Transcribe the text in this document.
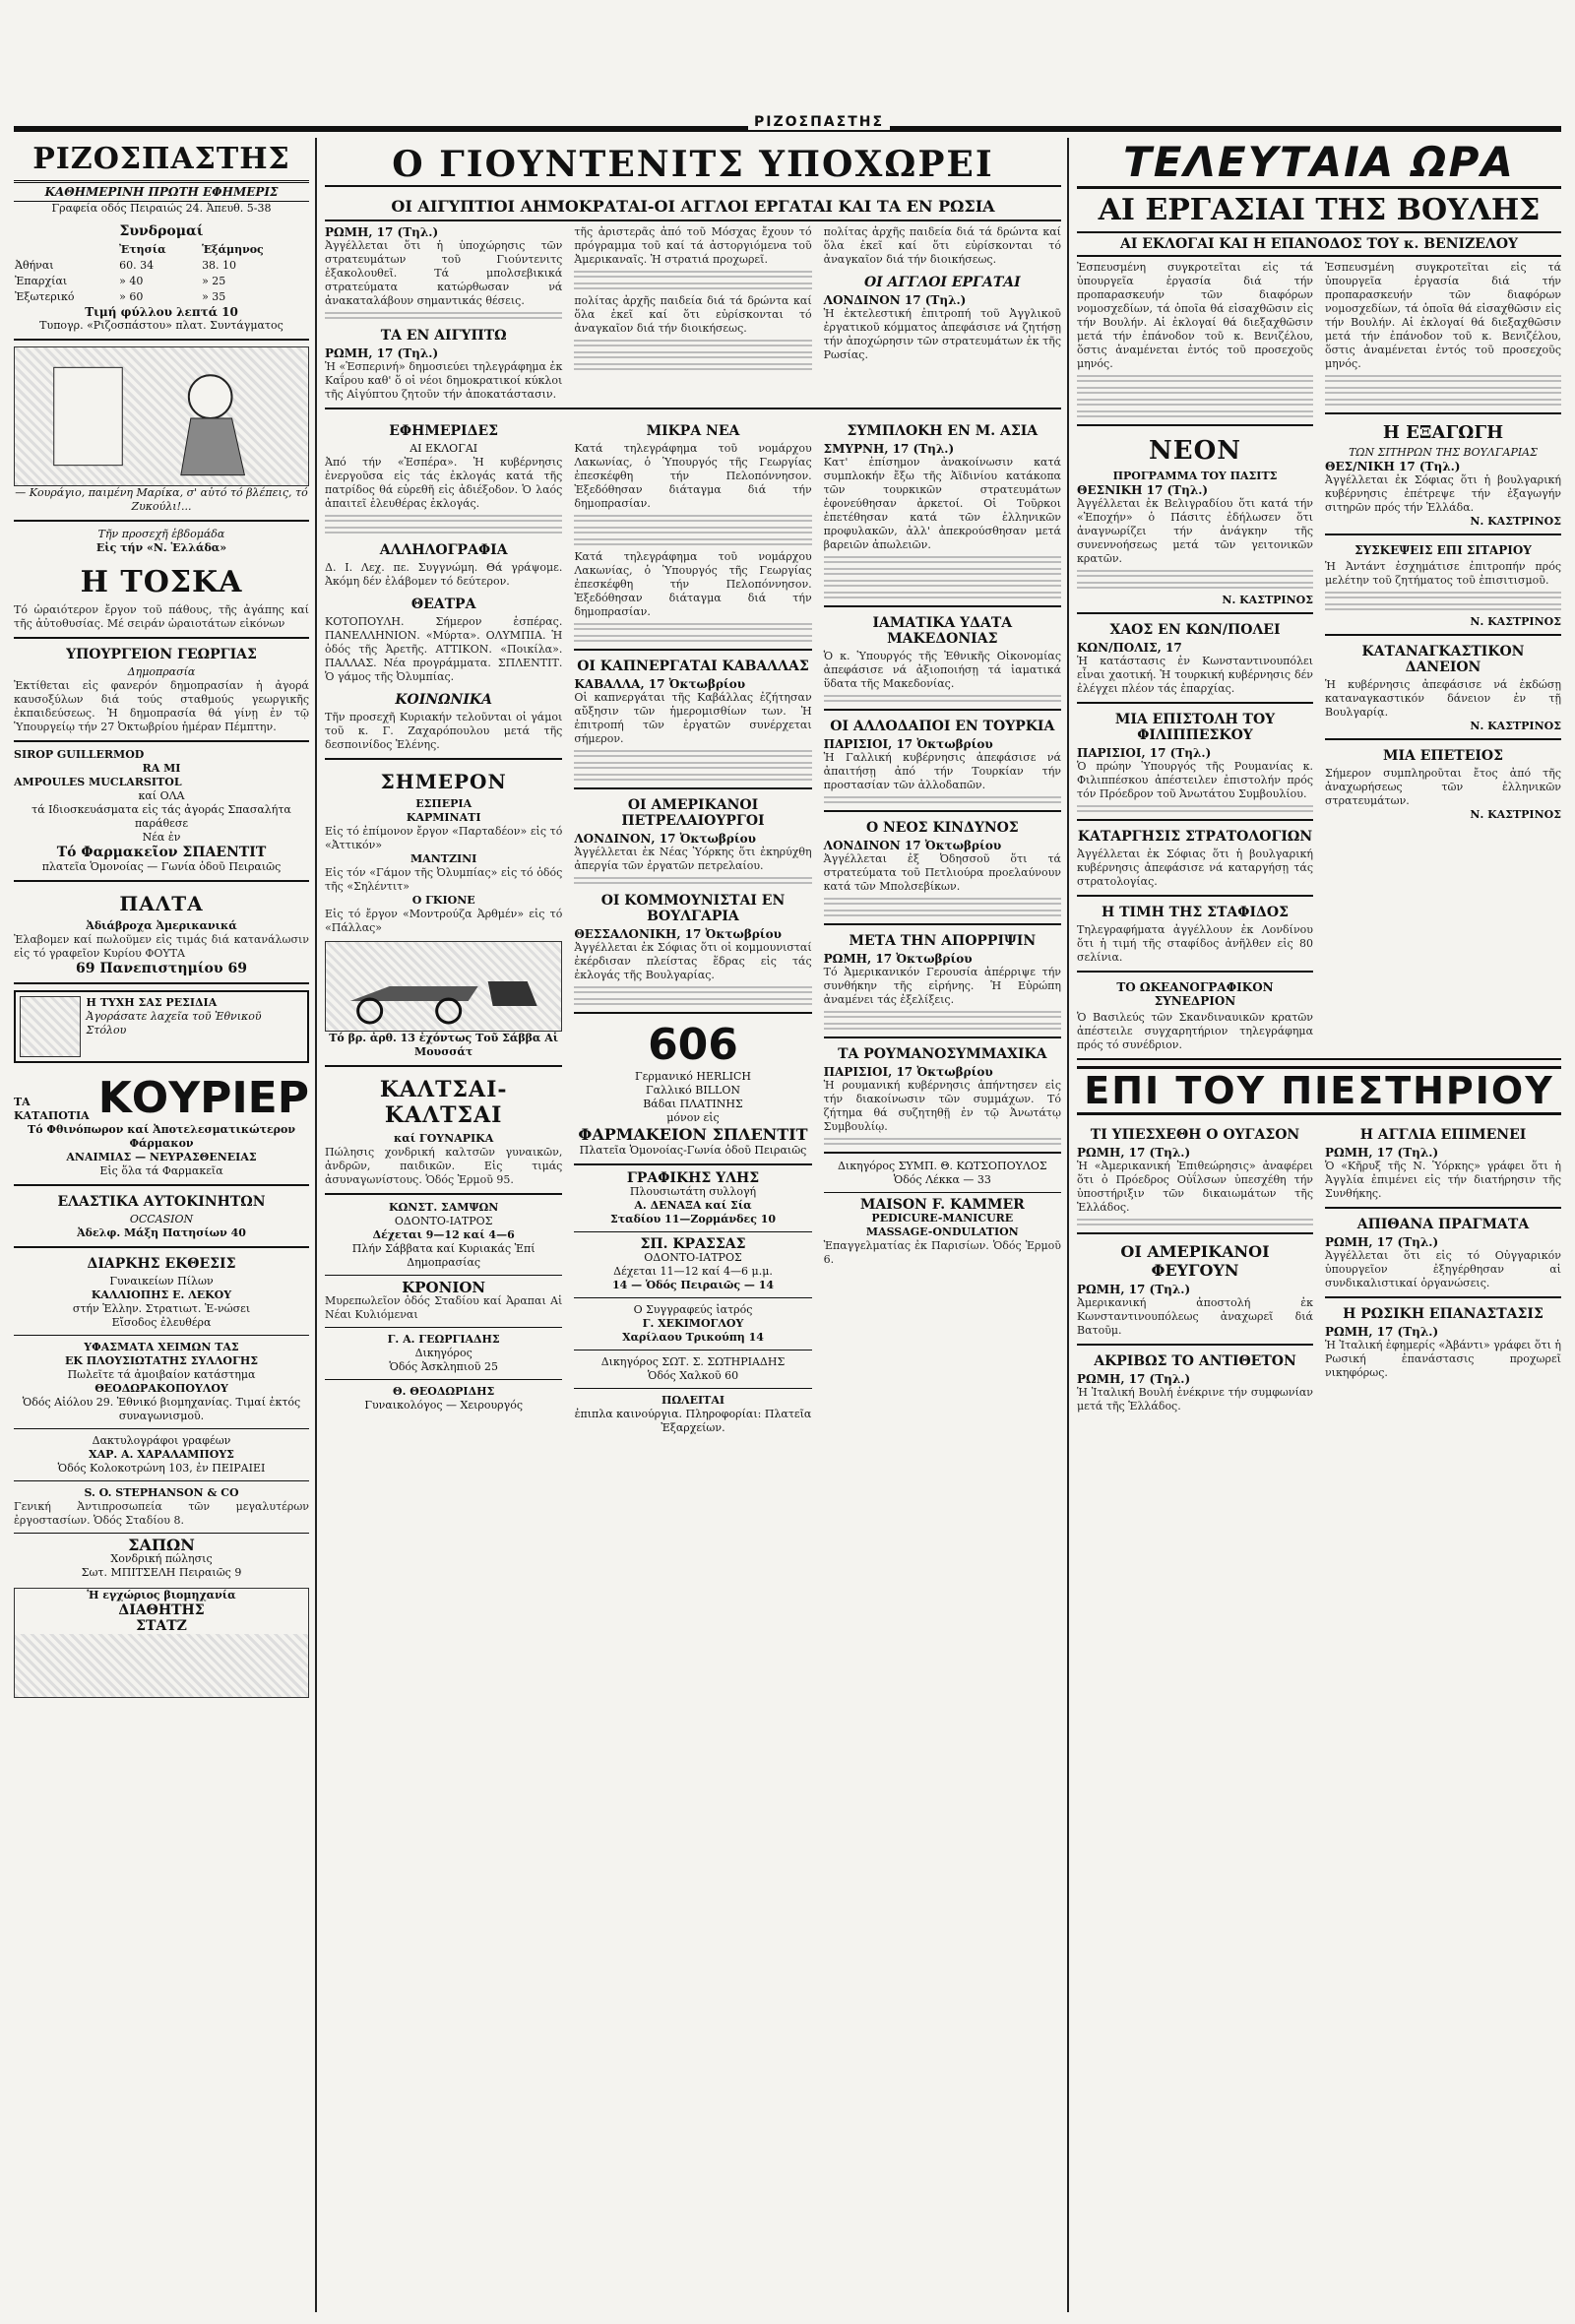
ΡΙΖΟΣΠΑΣΤΗΣ
ΡΙΖΟΣΠΑΣΤΗΣ
ΚΑΘΗΜΕΡΙΝΗ ΠΡΩΤΗ ΕΦΗΜΕΡΙΣ
Γραφεία οδός Πειραιώς 24. Ἀπευθ. 5-38
Συνδρομαί
	Ἐτησία	Ἑξάμηνος
Ἀθήναι	60. 34	38. 10
Ἐπαρχίαι	» 40	» 25
Ἐξωτερικό	» 60	» 35
Τιμή φύλλου λεπτά 10
Τυπογρ. «Ριζοσπάστου» πλατ. Συντάγματος
— Κουράγιο, παιμένη Μαρίκα, σ' αὐτό τό βλέπεις, τό Ζυκούλι!...
Τῆν προσεχῆ ἑβδομάδα
Εἰς τήν «Ν. Ἑλλάδα»
Η ΤΟΣΚΑ
Τό ὡραιότερον ἔργον τοῦ πάθους, τῆς ἀγάπης καί τῆς ἀὐτοθυσίας. Μέ σειράν ὡραιοτάτων εἰκόνων
ΥΠΟΥΡΓΕΙΟΝ ΓΕΩΡΓΙΑΣ
Δημοπρασία
Ἐκτίθεται εἰς φανερόν δημοπρασίαν ἡ ἀγορά καυσοξύλων διά τούς σταθμούς γεωργικῆς ἐκπαιδεύσεως. Ἡ δημοπρασία θά γίνῃ ἐν τῷ Ὑπουργείῳ τήν 27 Ὀκτωβρίου ἡμέραν Πέμπτην.
SIROP GUILLERMOD
RA MI
AMPOULES MUCLARSITOL
καί ΟΛΑ
τά Ιδιοσκευάσματα εἰς τάς ἀγοράς Σπασαλήτα παράθεσε
Νέα ἐν
Τό Φαρμακεῖον ΣΠΑΕΝΤΙΤ
πλατεῖα Ὁμονοίας — Γωνία ὁδοῦ Πειραιῶς
ΠΑΛΤΑ
Ἀδιάβροχα Ἀμερικανικά
Ἐλαβομεν καί πωλοῦμεν εἰς τιμάς διά κατανάλωσιν εἰς τό γραφεῖον Κυρίου ΦΟΥΤΑ
69 Πανεπιστημίου 69
Η ΤΥΧΗ ΣΑΣ ΡΕΣΙΔΙΑ
Ἀγοράσατε λαχεῖα τοῦ Ἐθνικοῦ Στόλου
ΤΑ
ΚΑΤΑΠΟΤΙΑ ΚΟΥΡΙΕΡ
Τό Φθινόπωρον καί Ἀποτελεσματικώτερον Φάρμακον
ΑΝΑΙΜΙΑΣ — ΝΕΥΡΑΣΘΕΝΕΙΑΣ
Εἰς ὅλα τά Φαρμακεῖα
ΕΛΑΣΤΙΚΑ ΑΥΤΟΚΙΝΗΤΩΝ
OCCASION
Ἀδελφ. Μάξη Πατησίων 40
ΔΙΑΡΚΗΣ ΕΚΘΕΣΙΣ
Γυναικείων Πίλων
ΚΑΛΛΙΟΠΗΣ Ε. ΛΕΚΟΥ
στήν Ἑλλην. Στρατιωτ. Ἐ-νώσει
Εἴσοδος ἐλευθέρα
ΥΦΑΣΜΑΤΑ ΧΕΙΜΩΝ ΤΑΣ
ΕΚ ΠΛΟΥΣΙΩΤΑΤΗΣ ΣΥΛΛΟΓΗΣ
Πωλεῖτε τά ἀμοιβαίον κατάστημα
ΘΕΟΔΩΡΑΚΟΠΟΥΛΟΥ
Ὁδός Αἰόλου 29. Ἐθνικό βιομηχανίας. Τιμαί ἐκτός συναγωνισμοῦ.
Δακτυλογράφοι γραφέων
ΧΑΡ. Α. ΧΑΡΑΛΑΜΠΟΥΣ
Ὁδός Κολοκοτρώνη 103, ἐν ΠΕΙΡΑΙΕΙ
S. O. STEPHANSON & CO
Γενική Ἀντιπροσωπεία τῶν μεγαλυτέρων ἐργοστασίων. Ὁδός Σταδίου 8.
ΣΑΠΩΝ
Χονδρική πώλησις
Σωτ. ΜΠΙΤΣΕΛΗ Πειραιῶς 9
Ἡ εγχώριος βιομηχανία
ΔΙΑΘΗΤΗΣ
ΣΤΑΤΖ
Ο ΓΙΟΥΝΤΕΝΙΤΣ ΥΠΟΧΩΡΕΙ
ΟΙ ΑΙΓΥΠΤΙΟΙ ΑΗΜΟΚΡΑΤΑΙ-ΟΙ ΑΓΓΛΟΙ ΕΡΓΑΤΑΙ ΚΑΙ ΤΑ ΕΝ ΡΩΣΙΑ
ΡΩΜΗ, 17 (Τηλ.)
Ἀγγέλλεται ὅτι ἡ ὑποχώρησις τῶν στρατευμάτων τοῦ Γιούντενιτς ἐξακολουθεῖ. Τά μπολσεβικικά στρατεύματα κατώρθωσαν νά ἀνακαταλάβουν σημαντικάς θέσεις.
ΤΑ ΕΝ ΑΙΓΥΠΤΩ
ΡΩΜΗ, 17 (Τηλ.)
Ἡ «Ἑσπερινή» δημοσιεύει τηλεγράφημα ἐκ Καΐρου καθ' ὅ οἱ νέοι δημοκρατικοί κύκλοι τῆς Αἰγύπτου ζητοῦν τήν ἀποκατάστασιν.
τῆς ἀριστερᾶς ἀπό τοῦ Μόσχας ἔχουν τό πρόγραμμα τοῦ καί τά ἀστοργιόμενα τοῦ Ἀμερικαναῖς. Ἡ στρατιά προχωρεῖ.
πολίτας ἀρχῆς παιδεία διά τά δρώντα καί ὅλα ἐκεῖ καί ὅτι εὐρίσκονται τό ἀναγκαῖον διά τήν διοικήσεως.
πολίτας ἀρχῆς παιδεία διά τά δρώντα καί ὅλα ἐκεῖ καί ὅτι εὐρίσκονται τό ἀναγκαῖον διά τήν διοικήσεως.
ΟΙ ΑΓΓΛΟΙ ΕΡΓΑΤΑΙ
ΛΟΝΔΙΝΟΝ 17 (Τηλ.)
Ἡ ἐκτελεστική ἐπιτροπή τοῦ Ἀγγλικοῦ ἐργατικοῦ κόμματος ἀπεφάσισε νά ζητήσῃ τήν ἀποχώρησιν τῶν στρατευμάτων ἐκ τῆς Ρωσίας.
ΕΦΗΜΕΡΙΔΕΣ
ΑΙ ΕΚΛΟΓΑΙ
Ἀπό τήν «Ἑσπέρα». Ἡ κυβέρνησις ἐνεργοῦσα εἰς τάς ἐκλογάς κατά τῆς πατρίδος θά εὑρεθῆ εἰς ἀδιέξοδον. Ὁ λαός ἀπαιτεῖ ἐλευθέρας ἐκλογάς.
ΑΛΛΗΛΟΓΡΑΦΙΑ
Δ. Ι. Λεχ. πε. Συγγνώμη. Θά γράψομε. Ἀκόμη δέν ἐλάβομεν τό δεύτερον.
ΘΕΑΤΡΑ
ΚΟΤΟΠΟΥΛΗ. Σήμερον ἑσπέρας. ΠΑΝΕΛΛΗΝΙΟΝ. «Μύρτα». ΟΛΥΜΠΙΑ. Ἡ ὁδός τῆς Ἀρετῆς. ΑΤΤΙΚΟΝ. «Ποικίλα». ΠΑΛΛΑΣ. Νέα προγράμματα. ΣΠΛΕΝΤΙΤ. Ὁ γάμος τῆς Ὀλυμπίας.
ΚΟΙΝΩΝΙΚΑ
Τῆν προσεχῆ Κυριακήν τελοῦνται οἱ γάμοι τοῦ κ. Γ. Ζαχαρόπουλου μετά τῆς δεσποινίδος Ἑλένης.
ΣΗΜΕΡΟΝ
ΕΣΠΕΡΙΑ
ΚΑΡΜΙΝΑΤΙ
Εἰς τό ἐπίμονον ἔργον «Παρταδέον» εἰς τό «Ἀττικόν»
ΜΑΝΤΖΙΝΙ
Εἰς τόν «Γάμον τῆς Ὀλυμπίας» εἰς τό ὁδός τῆς «Σηλέντιτ»
Ο ΓΚΙΟΝΕ
Εἰς τό ἔργον «Μοντρούζα Ἀρθμέν» εἰς τό «Πάλλας»
Τό βρ. ἀρθ. 13 ἐχόντως Τοῦ Σάββα Αἱ Μουσσάτ
ΚΑΛΤΣΑΙ-ΚΑΛΤΣΑΙ
καί ΓΟΥΝΑΡΙΚΑ
Πώλησις χονδρική καλτσῶν γυναικῶν, ἀνδρῶν, παιδικῶν. Εἰς τιμάς ἀσυναγωνίστους. Ὁδός Ἑρμοῦ 95.
ΚΩΝΣΤ. ΣΑΜΨΩΝ
ΟΔΟΝΤΟ-ΙΑΤΡΟΣ
Δέχεται 9—12 καί 4—6
Πλήν Σάββατα καί Κυριακάς Ἐπί Δημοπρασίας
ΚΡΟΝΙΟΝ
Μυρεπωλεῖον ὁδός Σταδίου καί Ἀραπαι Αἱ Νέαι Κυλιόμεναι
Γ. Α. ΓΕΩΡΓΙΑΔΗΣ
Δικηγόρος
Ὁδός Ἀσκληπιοῦ 25
Θ. ΘΕΟΔΩΡΙΔΗΣ
Γυναικολόγος — Χειρουργός
ΜΙΚΡΑ ΝΕΑ
Κατά τηλεγράφημα τοῦ νομάρχου Λακωνίας, ὁ Ὑπουργός τῆς Γεωργίας ἐπεσκέφθη τήν Πελοπόννησον. Ἐξεδόθησαν διάταγμα διά τήν δημοπρασίαν.
Κατά τηλεγράφημα τοῦ νομάρχου Λακωνίας, ὁ Ὑπουργός τῆς Γεωργίας ἐπεσκέφθη τήν Πελοπόννησον. Ἐξεδόθησαν διάταγμα διά τήν δημοπρασίαν.
ΟΙ ΚΑΠΝΕΡΓΑΤΑΙ ΚΑΒΑΛΛΑΣ
ΚΑΒΑΛΛΑ, 17 Ὀκτωβρίου
Οἱ καπνεργάται τῆς Καβάλλας ἐζήτησαν αὔξησιν τῶν ἡμερομισθίων των. Ἡ ἐπιτροπή τῶν ἐργατῶν συνέρχεται σήμερον.
ΟΙ ΑΜΕΡΙΚΑΝΟΙ ΠΕΤΡΕΛΑΙΟΥΡΓΟΙ
ΛΟΝΔΙΝΟΝ, 17 Ὀκτωβρίου
Ἀγγέλλεται ἐκ Νέας Ὑόρκης ὅτι ἐκηρύχθη ἀπεργία τῶν ἐργατῶν πετρελαίου.
ΟΙ ΚΟΜΜΟΥΝΙΣΤΑΙ ΕΝ ΒΟΥΛΓΑΡΙΑ
ΘΕΣΣΑΛΟΝΙΚΗ, 17 Ὀκτωβρίου
Ἀγγέλλεται ἐκ Σόφιας ὅτι οἱ κομμουνισταί ἐκέρδισαν πλείστας ἕδρας εἰς τάς ἐκλογάς τῆς Βουλγαρίας.
606
Γερμανικό HERLICH
Γαλλικό BILLON
Βάδαι ΠΛΑΤΙΝΗΣ
μόνον εἰς
ΦΑΡΜΑΚΕΙΟΝ ΣΠΛΕΝΤΙΤ
Πλατεῖα Ὁμονοίας-Γωνία ὁδοῦ Πειραιῶς
ΓΡΑΦΙΚΗΣ ΥΛΗΣ
Πλουσιωτάτη συλλογή
Α. ΔΕΝΑΞΑ καί Σία
Σταδίου 11—Ζορμάνδες 10
ΣΠ. ΚΡΑΣΣΑΣ
ΟΔΟΝΤΟ-ΙΑΤΡΟΣ
Δέχεται 11—12 καί 4—6 μ.μ.
14 — Ὁδός Πειραιῶς — 14
Ο Συγγραφεύς ἰατρός
Γ. ΧΕΚΙΜΟΓΛΟΥ
Χαρίλαου Τρικούπη 14
Δικηγόρος ΣΩΤ. Σ. ΣΩΤΗΡΙΑΔΗΣ
Ὁδός Χαλκοῦ 60
ΠΩΛΕΙΤΑΙ
ἐπιπλα καινούργια. Πληροφορίαι: Πλατεῖα Ἐξαρχείων.
ΣΥΜΠΛΟΚΗ ΕΝ Μ. ΑΣΙΑ
ΣΜΥΡΝΗ, 17 (Τηλ.)
Κατ' ἐπίσημον ἀνακοίνωσιν κατά συμπλοκήν ἔξω τῆς Ἀϊδινίου κατάκοπα τῶν τουρκικῶν στρατευμάτων ἐφονεύθησαν ἀρκετοί. Οἱ Τοῦρκοι ἐπετέθησαν κατά τῶν ἑλληνικῶν προφυλακῶν, ἀλλ' ἀπεκρούσθησαν μετά βαρειῶν ἀπωλειῶν.
ΙΑΜΑΤΙΚΑ ΥΔΑΤΑ ΜΑΚΕΔΟΝΙΑΣ
Ὁ κ. Ὑπουργός τῆς Ἐθνικῆς Οἰκονομίας ἀπεφάσισε νά ἀξιοποιήσῃ τά ἰαματικά ὕδατα τῆς Μακεδονίας.
ΟΙ ΑΛΛΟΔΑΠΟΙ ΕΝ ΤΟΥΡΚΙΑ
ΠΑΡΙΣΙΟΙ, 17 Ὀκτωβρίου
Ἡ Γαλλική κυβέρνησις ἀπεφάσισε νά ἀπαιτήσῃ ἀπό τήν Τουρκίαν τήν προστασίαν τῶν ἀλλοδαπῶν.
Ο ΝΕΟΣ ΚΙΝΔΥΝΟΣ
ΛΟΝΔΙΝΟΝ 17 Ὀκτωβρίου
Ἀγγέλλεται ἐξ Ὀδησσοῦ ὅτι τά στρατεύματα τοῦ Πετλιούρα προελαύνουν κατά τῶν Μπολσεβίκων.
ΜΕΤΑ ΤΗΝ ΑΠΟΡΡΙΨΙΝ
ΡΩΜΗ, 17 Ὀκτωβρίου
Τό Ἀμερικανικόν Γερουσία ἀπέρριψε τήν συνθήκην τῆς εἰρήνης. Ἡ Εὐρώπη ἀναμένει τάς ἐξελίξεις.
ΤΑ ΡΟΥΜΑΝΟΣΥΜΜΑΧΙΚΑ
ΠΑΡΙΣΙΟΙ, 17 Ὀκτωβρίου
Ἡ ρουμανική κυβέρνησις ἀπήντησεν εἰς τήν διακοίνωσιν τῶν συμμάχων. Τό ζήτημα θά συζητηθῇ ἐν τῷ Ἀνωτάτῳ Συμβουλίῳ.
Δικηγόρος ΣΥΜΠ. Θ. ΚΩΤΣΟΠΟΥΛΟΣ
Ὁδός Λέκκα — 33
MAISON F. KAMMER
PEDICURE-MANICURE
MASSAGE-ONDULATION
Ἐπαγγελματίας ἐκ Παρισίων. Ὁδός Ἑρμοῦ 6.
ΤΕΛΕΥΤΑΙΑ ΩΡΑ
ΑΙ ΕΡΓΑΣΙΑΙ ΤΗΣ ΒΟΥΛΗΣ
ΑΙ ΕΚΛΟΓΑΙ ΚΑΙ Η ΕΠΑΝΟΔΟΣ ΤΟΥ κ. ΒΕΝΙΖΕΛΟΥ
Ἐσπευσμένη συγκροτεῖται εἰς τά ὑπουργεῖα ἐργασία διά τήν προπαρασκευήν τῶν διαφόρων νομοσχεδίων, τά ὁποῖα θά εἰσαχθῶσιν εἰς τήν Βουλήν. Αἱ ἐκλογαί θά διεξαχθῶσιν μετά τήν ἐπάνοδον τοῦ κ. Βενιζέλου, ὅστις ἀναμένεται ἐντός τοῦ προσεχοῦς μηνός.
ΝΕΟΝ
ΠΡΟΓΡΑΜΜΑ ΤΟΥ ΠΑΣΙΤΣ
ΘΕΣΝΙΚΗ 17 (Τηλ.)
Ἀγγέλλεται ἐκ Βελιγραδίου ὅτι κατά τήν «Ἐποχήν» ὁ Πάσιτς ἐδήλωσεν ὅτι ἀναγνωρίζει τήν ἀνάγκην τῆς συνεννοήσεως μετά τῶν γειτονικῶν κρατῶν.
Ν. ΚΑΣΤΡΙΝΟΣ
ΧΑΟΣ ΕΝ ΚΩΝ/ΠΟΛΕΙ
ΚΩΝ/ΠΟΛΙΣ, 17
Ἡ κατάστασις ἐν Κωνσταντινουπόλει εἶναι χαοτική. Ἡ τουρκική κυβέρνησις δέν ἐλέγχει πλέον τάς ἐπαρχίας.
ΜΙΑ ΕΠΙΣΤΟΛΗ ΤΟΥ ΦΙΛΙΠΠΕΣΚΟΥ
ΠΑΡΙΣΙΟΙ, 17 (Τηλ.)
Ὁ πρώην Ὑπουργός τῆς Ρουμανίας κ. Φιλιππέσκου ἀπέστειλεν ἐπιστολήν πρός τόν Πρόεδρον τοῦ Ἀνωτάτου Συμβουλίου.
ΚΑΤΑΡΓΗΣΙΣ ΣΤΡΑΤΟΛΟΓΙΩΝ
Ἀγγέλλεται ἐκ Σόφιας ὅτι ἡ βουλγαρική κυβέρνησις ἀπεφάσισε νά καταργήσῃ τάς στρατολογίας.
Η ΤΙΜΗ ΤΗΣ ΣΤΑΦΙΔΟΣ
Τηλεγραφήματα ἀγγέλλουν ἐκ Λονδίνου ὅτι ἡ τιμή τῆς σταφίδος ἀνῆλθεν εἰς 80 σελίνια.
ΤΟ ΩΚΕΑΝΟΓΡΑΦΙΚΟΝ ΣΥΝΕΔΡΙΟΝ
Ὁ Βασιλεύς τῶν Σκανδιναυικῶν κρατῶν ἀπέστειλε συγχαρητήριον τηλεγράφημα πρός τό συνέδριον.
Ἐσπευσμένη συγκροτεῖται εἰς τά ὑπουργεῖα ἐργασία διά τήν προπαρασκευήν τῶν διαφόρων νομοσχεδίων, τά ὁποῖα θά εἰσαχθῶσιν εἰς τήν Βουλήν. Αἱ ἐκλογαί θά διεξαχθῶσιν μετά τήν ἐπάνοδον τοῦ κ. Βενιζέλου, ὅστις ἀναμένεται ἐντός τοῦ προσεχοῦς μηνός.
Η ΕΞΑΓΩΓΗ
ΤΩΝ ΣΙΤΗΡΩΝ ΤΗΣ ΒΟΥΛΓΑΡΙΑΣ
ΘΕΣ/ΝΙΚΗ 17 (Τηλ.)
Ἀγγέλλεται ἐκ Σόφιας ὅτι ἡ βουλγαρική κυβέρνησις ἐπέτρεψε τήν ἐξαγωγήν σιτηρῶν πρός τήν Ἑλλάδα.
Ν. ΚΑΣΤΡΙΝΟΣ
ΣΥΣΚΕΨΕΙΣ ΕΠΙ ΣΙΤΑΡΙΟΥ
Ἡ Ἀντάντ ἐσχημάτισε ἐπιτροπήν πρός μελέτην τοῦ ζητήματος τοῦ ἐπισιτισμοῦ.
Ν. ΚΑΣΤΡΙΝΟΣ
ΚΑΤΑΝΑΓΚΑΣΤΙΚΟΝ ΔΑΝΕΙΟΝ
Ἡ κυβέρνησις ἀπεφάσισε νά ἐκδώσῃ καταναγκαστικόν δάνειον ἐν τῇ Βουλγαρίᾳ.
Ν. ΚΑΣΤΡΙΝΟΣ
ΜΙΑ ΕΠΕΤΕΙΟΣ
Σήμερον συμπληροῦται ἔτος ἀπό τῆς ἀναχωρήσεως τῶν ἑλληνικῶν στρατευμάτων.
Ν. ΚΑΣΤΡΙΝΟΣ
ΕΠΙ ΤΟΥ ΠΙΕΣΤΗΡΙΟΥ
ΤΙ ΥΠΕΣΧΕΘΗ Ο ΟΥΓΑΣΟΝ
ΡΩΜΗ, 17 (Τηλ.)
Ἡ «Ἀμερικανική Ἐπιθεώρησις» ἀναφέρει ὅτι ὁ Πρόεδρος Οὐΐλσων ὑπεσχέθη τήν ὑποστήριξιν τῶν δικαιωμάτων τῆς Ἑλλάδος.
ΟΙ ΑΜΕΡΙΚΑΝΟΙ ΦΕΥΓΟΥΝ
ΡΩΜΗ, 17 (Τηλ.)
Ἀμερικανική ἀποστολή ἐκ Κωνσταντινουπόλεως ἀναχωρεῖ διά Βατοῦμ.
ΑΚΡΙΒΩΣ ΤΟ ΑΝΤΙΘΕΤΟΝ
ΡΩΜΗ, 17 (Τηλ.)
Ἡ Ἰταλική Βουλή ἐνέκρινε τήν συμφωνίαν μετά τῆς Ἑλλάδος.
Η ΑΓΓΛΙΑ ΕΠΙΜΕΝΕΙ
ΡΩΜΗ, 17 (Τηλ.)
Ὁ «Κῆρυξ τῆς Ν. Ὑόρκης» γράφει ὅτι ἡ Ἀγγλία ἐπιμένει εἰς τήν διατήρησιν τῆς Συνθήκης.
ΑΠΙΘΑΝΑ ΠΡΑΓΜΑΤΑ
ΡΩΜΗ, 17 (Τηλ.)
Ἀγγέλλεται ὅτι εἰς τό Οὐγγαρικόν ὑπουργεῖον ἐξηγέρθησαν αἱ συνδικαλιστικαί ὀργανώσεις.
Η ΡΩΣΙΚΗ ΕΠΑΝΑΣΤΑΣΙΣ
ΡΩΜΗ, 17 (Τηλ.)
Ἡ Ἰταλική ἐφημερίς «Ἀβάντι» γράφει ὅτι ἡ Ρωσική ἐπανάστασις προχωρεῖ νικηφόρως.
